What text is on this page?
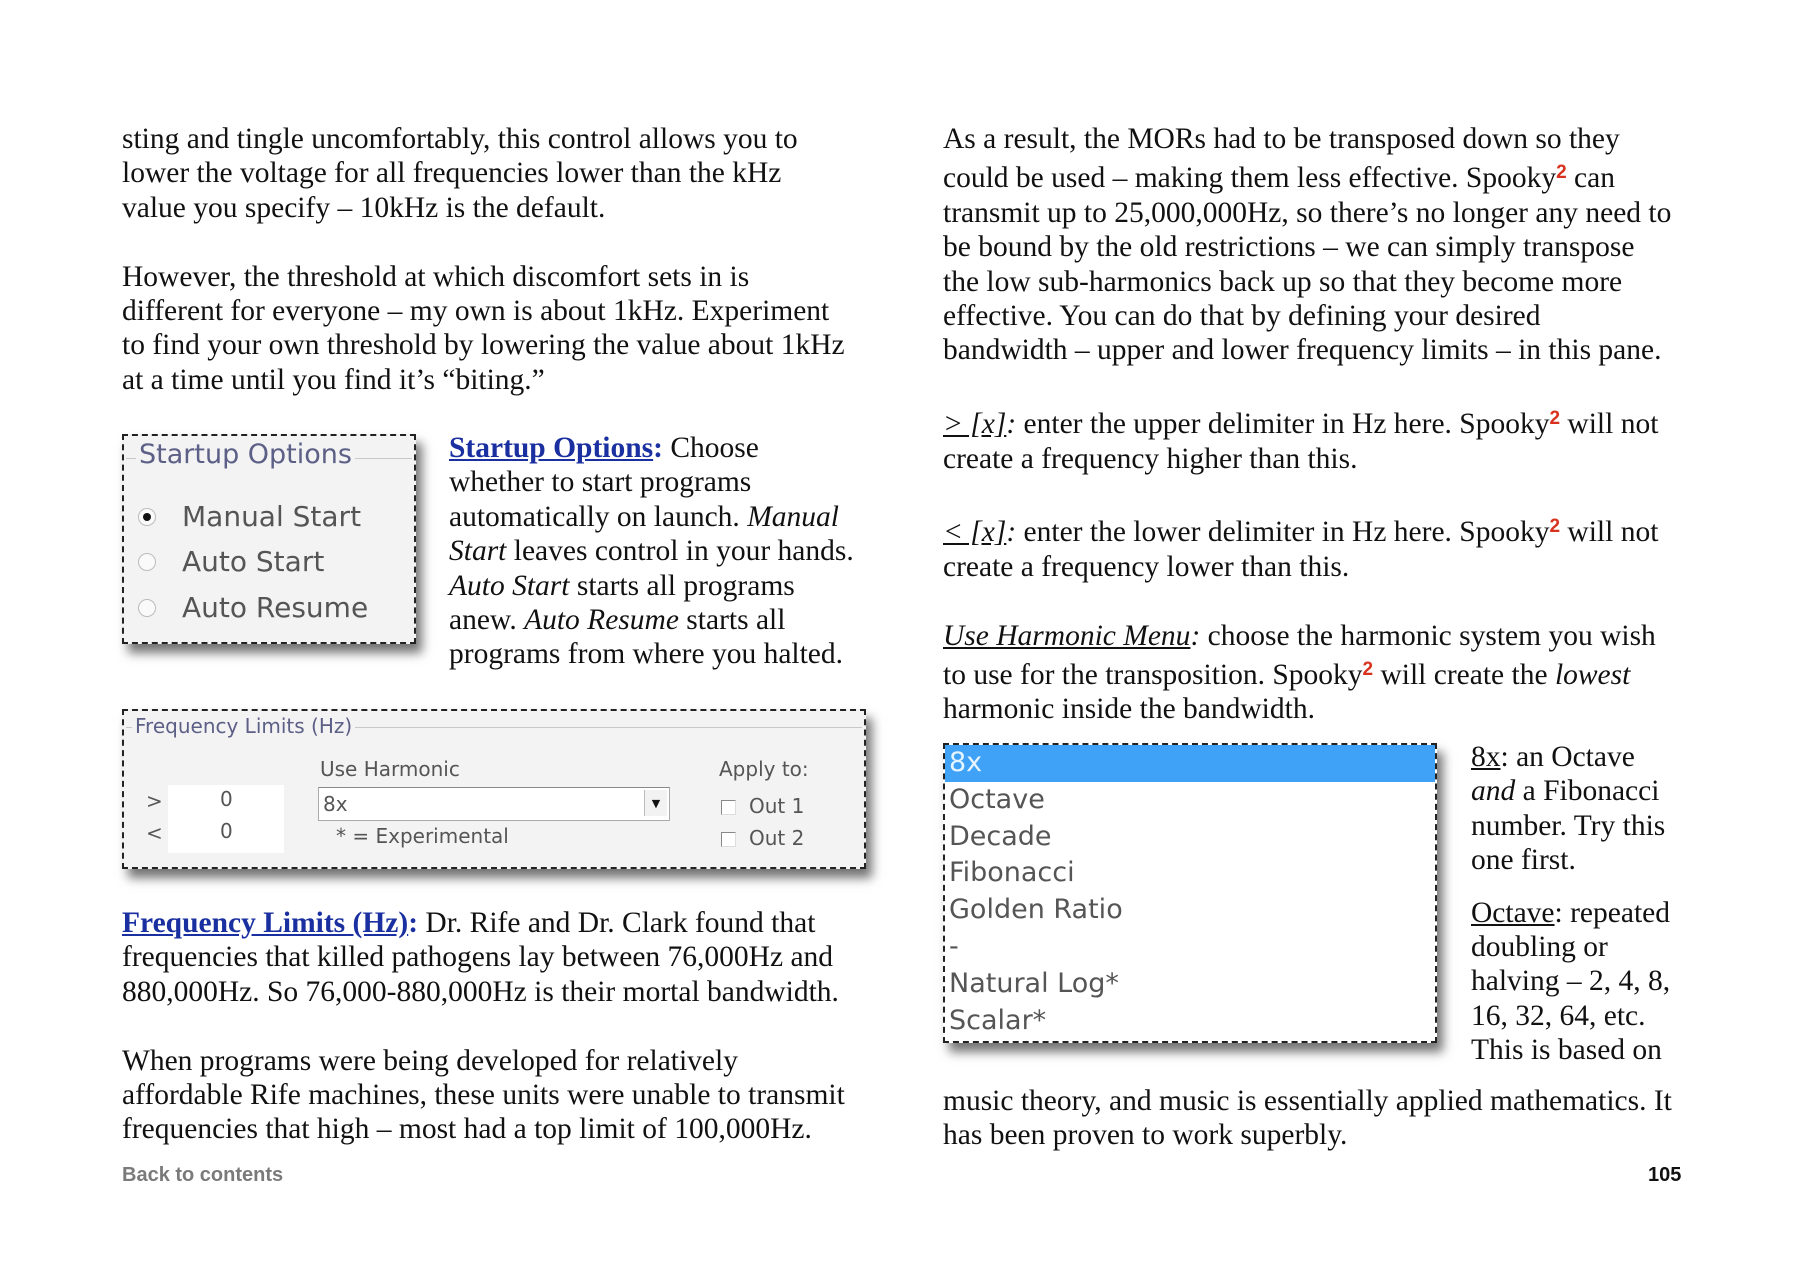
sting and tingle uncomfortably, this control allows you to
lower the voltage for all frequencies lower than the kHz
value you specify – 10kHz is the default.

However, the threshold at which discomfort sets in is
different for everyone – my own is about 1kHz. Experiment
to find your own threshold by lowering the value about 1kHz
at a time until you find it’s “biting.”

Startup Options: Choose
whether to start programs
automatically on launch. Manual
Start leaves control in your hands.
Auto Start starts all programs
anew. Auto Resume starts all
programs from where you halted.

Startup Options
Manual Start
Auto Start
Auto Resume
Frequency Limits (Hz)
>
<
0
0
Use Harmonic
8x	▼
* = Experimental
Apply to:
Out 1
Out 2

Frequency Limits (Hz): Dr. Rife and Dr. Clark found that
frequencies that killed pathogens lay between 76,000Hz and
880,000Hz. So 76,000-880,000Hz is their mortal bandwidth.

When programs were being developed for relatively
affordable Rife machines, these units were unable to transmit
frequencies that high – most had a top limit of 100,000Hz.

As a result, the MORs had to be transposed down so they
could be used – making them less effective. Spooky$^2$ can
transmit up to 25,000,000Hz, so there’s no longer any need to
be bound by the old restrictions – we can simply transpose
the low sub-harmonics back up so that they become more
effective. You can do that by defining your desired
bandwidth – upper and lower frequency limits – in this pane.

> [x]: enter the upper delimiter in Hz here. Spooky$^2$ will not
create a frequency higher than this.

< [x]: enter the lower delimiter in Hz here. Spooky$^2$ will not
create a frequency lower than this.

Use Harmonic Menu: choose the harmonic system you wish
to use for the transposition. Spooky$^2$ will create the lowest
harmonic inside the bandwidth.

8x
Octave
Decade
Fibonacci
Golden Ratio
-
Natural Log*
Scalar*

8x: an Octave
and a Fibonacci
number. Try this
one first.

Octave: repeated
doubling or
halving – 2, 4, 8,
16, 32, 64, etc.
This is based on

music theory, and music is essentially applied mathematics. It
has been proven to work superbly.

Back to contents	105
